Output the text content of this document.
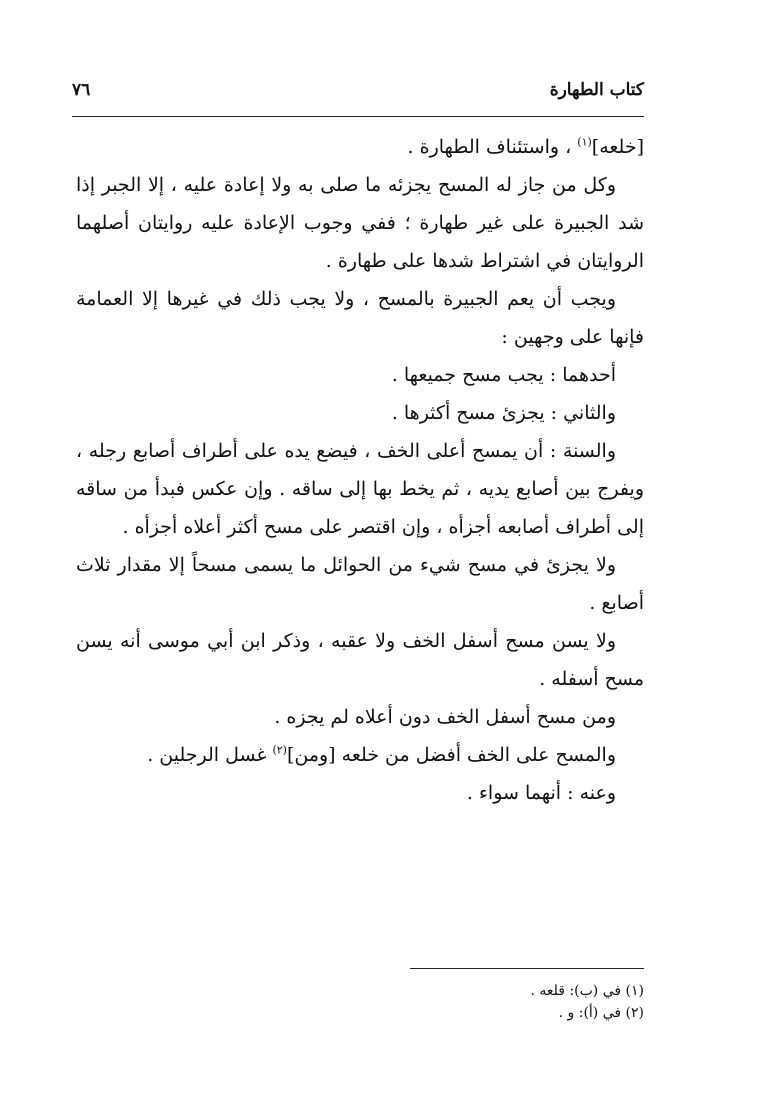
كتاب الطهارة
٧٦
[خلعه]$^{(١)}$ ، واستئناف الطهارة .
وكل من جاز له المسح يجزئه ما صلى به ولا إعادة عليه ، إلا الجبر إذا
شد الجبيرة على غير طهارة ؛ ففي وجوب الإعادة عليه روايتان أصلهما
الروايتان في اشتراط شدها على طهارة .
ويجب أن يعم الجبيرة بالمسح ، ولا يجب ذلك في غيرها إلا العمامة
فإنها على وجهين :
أحدهما : يجب مسح جميعها .
والثاني : يجزئ مسح أكثرها .
والسنة : أن يمسح أعلى الخف ، فيضع يده على أطراف أصابع رجله ،
ويفرج بين أصابع يديه ، ثم يخط بها إلى ساقه . وإن عكس فبدأ من ساقه
إلى أطراف أصابعه أجزأه ، وإن اقتصر على مسح أكثر أعلاه أجزأه .
ولا يجزئ في مسح شيء من الحوائل ما يسمى مسحاً إلا مقدار ثلاث
أصابع .
ولا يسن مسح أسفل الخف ولا عقبه ، وذكر ابن أبي موسى أنه يسن
مسح أسفله .
ومن مسح أسفل الخف دون أعلاه لم يجزه .
والمسح على الخف أفضل من خلعه [ومن]$^{(٢)}$ غسل الرجلين .
وعنه : أنهما سواء .
(١) في (ب): قلعه .
(٢) في (أ): و .
